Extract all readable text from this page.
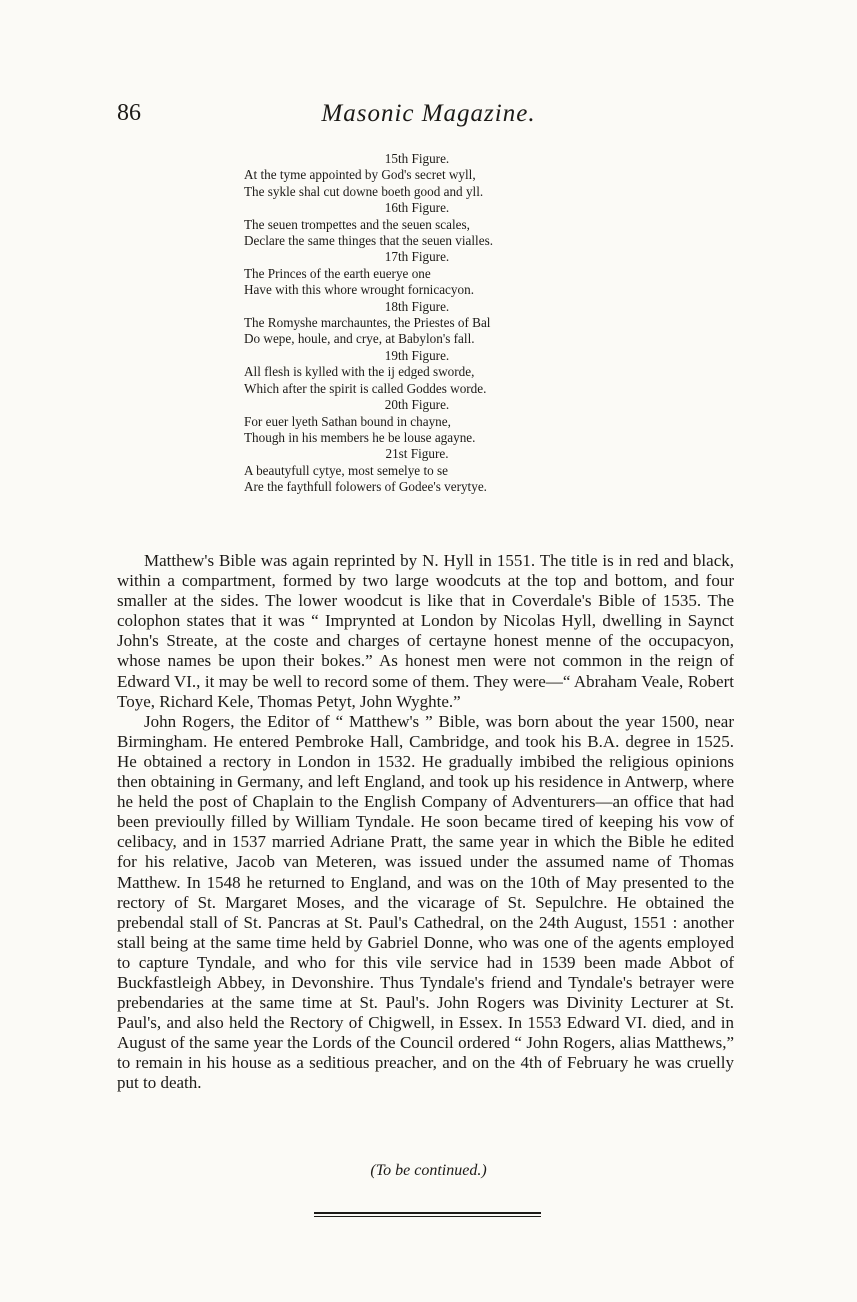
86	Masonic Magazine.
15th Figure.
At the tyme appointed by God's secret wyll,
The sykle shal cut downe boeth good and yll.
16th Figure.
The seuen trompettes and the seuen scales,
Declare the same thinges that the seuen vialles.
17th Figure.
The Princes of the earth euerye one
Have with this whore wrought fornicacyon.
18th Figure.
The Romyshe marchauntes, the Priestes of Bal
Do wepe, houle, and crye, at Babylon's fall.
19th Figure.
All flesh is kylled with the ij edged sworde,
Which after the spirit is called Goddes worde.
20th Figure.
For euer lyeth Sathan bound in chayne,
Though in his members he be louse agayne.
21st Figure.
A beautyfull cytye, most semelye to se
Are the faythfull folowers of Godee's verytye.

Matthew's Bible was again reprinted by N. Hyll in 1551. The title is in red and black, within a compartment, formed by two large woodcuts at the top and bottom, and four smaller at the sides. The lower woodcut is like that in Coverdale's Bible of 1535. The colophon states that it was “ Imprynted at London by Nicolas Hyll, dwelling in Saynct John's Streate, at the coste and charges of certayne honest menne of the occupacyon, whose names be upon their bokes.” As honest men were not common in the reign of Edward VI., it may be well to record some of them. They were—“ Abraham Veale, Robert Toye, Richard Kele, Thomas Petyt, John Wyghte.”

John Rogers, the Editor of “ Matthew's ” Bible, was born about the year 1500, near Birmingham. He entered Pembroke Hall, Cambridge, and took his B.A. degree in 1525. He obtained a rectory in London in 1532. He gradually imbibed the religious opinions then obtaining in Germany, and left England, and took up his residence in Antwerp, where he held the post of Chaplain to the English Company of Adventurers—an office that had been previoully filled by William Tyndale. He soon became tired of keeping his vow of celibacy, and in 1537 married Adriane Pratt, the same year in which the Bible he edited for his relative, Jacob van Meteren, was issued under the assumed name of Thomas Matthew. In 1548 he returned to England, and was on the 10th of May presented to the rectory of St. Margaret Moses, and the vicarage of St. Sepulchre. He obtained the prebendal stall of St. Pancras at St. Paul's Cathedral, on the 24th August, 1551 : another stall being at the same time held by Gabriel Donne, who was one of the agents employed to capture Tyndale, and who for this vile service had in 1539 been made Abbot of Buckfastleigh Abbey, in Devonshire. Thus Tyndale's friend and Tyndale's betrayer were prebendaries at the same time at St. Paul's. John Rogers was Divinity Lecturer at St. Paul's, and also held the Rectory of Chigwell, in Essex. In 1553 Edward VI. died, and in August of the same year the Lords of the Council ordered “ John Rogers, alias Matthews,” to remain in his house as a seditious preacher, and on the 4th of February he was cruelly put to death.

(To be continued.)
